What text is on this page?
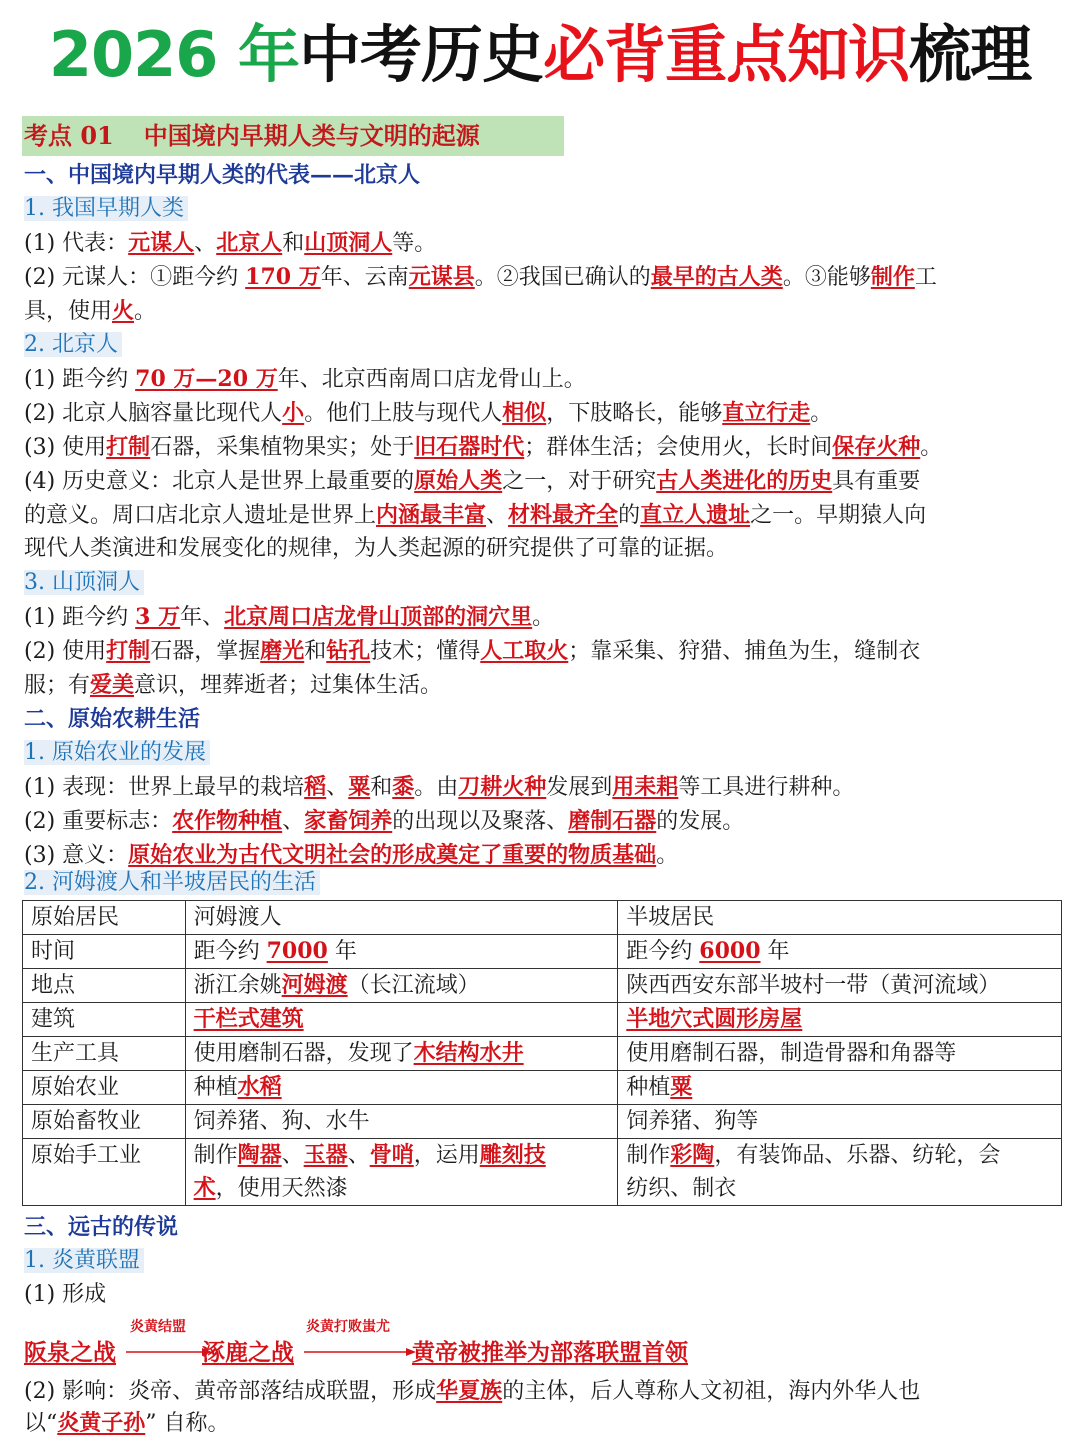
2026 年中考历史必背重点知识梳理
考点 01 中国境内早期人类与文明的起源
一、中国境内早期人类的代表——北京人
1. 我国早期人类
(1) 代表：元谋人、北京人和山顶洞人等。
(2) 元谋人：①距今约 170 万年、云南元谋县。②我国已确认的最早的古人类。③能够制作工
具，使用火。
2. 北京人
(1) 距今约 70 万—20 万年、北京西南周口店龙骨山上。
(2) 北京人脑容量比现代人小。他们上肢与现代人相似，下肢略长，能够直立行走。
(3) 使用打制石器，采集植物果实；处于旧石器时代；群体生活；会使用火，长时间保存火种。
(4) 历史意义：北京人是世界上最重要的原始人类之一，对于研究古人类进化的历史具有重要
的意义。周口店北京人遗址是世界上内涵最丰富、材料最齐全的直立人遗址之一。早期猿人向
现代人类演进和发展变化的规律，为人类起源的研究提供了可靠的证据。
3. 山顶洞人
(1) 距今约 3 万年、北京周口店龙骨山顶部的洞穴里。
(2) 使用打制石器，掌握磨光和钻孔技术；懂得人工取火；靠采集、狩猎、捕鱼为生，缝制衣
服；有爱美意识，埋葬逝者；过集体生活。
二、原始农耕生活
1. 原始农业的发展
(1) 表现：世界上最早的栽培稻、粟和黍。由刀耕火种发展到用耒耜等工具进行耕种。
(2) 重要标志：农作物种植、家畜饲养的出现以及聚落、磨制石器的发展。
(3) 意义：原始农业为古代文明社会的形成奠定了重要的物质基础。
2. 河姆渡人和半坡居民的生活
原始居民	河姆渡人	半坡居民
时间	距今约 7000 年	距今约 6000 年
地点	浙江余姚河姆渡（长江流域）	陕西西安东部半坡村一带（黄河流域）
建筑	干栏式建筑	半地穴式圆形房屋
生产工具	使用磨制石器，发现了木结构水井	使用磨制石器，制造骨器和角器等
原始农业	种植水稻	种植粟
原始畜牧业	饲养猪、狗、水牛	饲养猪、狗等
原始手工业	制作陶器、玉器、骨哨，运用雕刻技
术，使用天然漆	制作彩陶，有装饰品、乐器、纺轮，会
纺织、制衣
三、远古的传说
1. 炎黄联盟
(1) 形成
阪泉之战
炎黄结盟
涿鹿之战
炎黄打败蚩尤
黄帝被推举为部落联盟首领
(2) 影响：炎帝、黄帝部落结成联盟，形成华夏族的主体，后人尊称人文初祖，海内外华人也
以“炎黄子孙” 自称。
